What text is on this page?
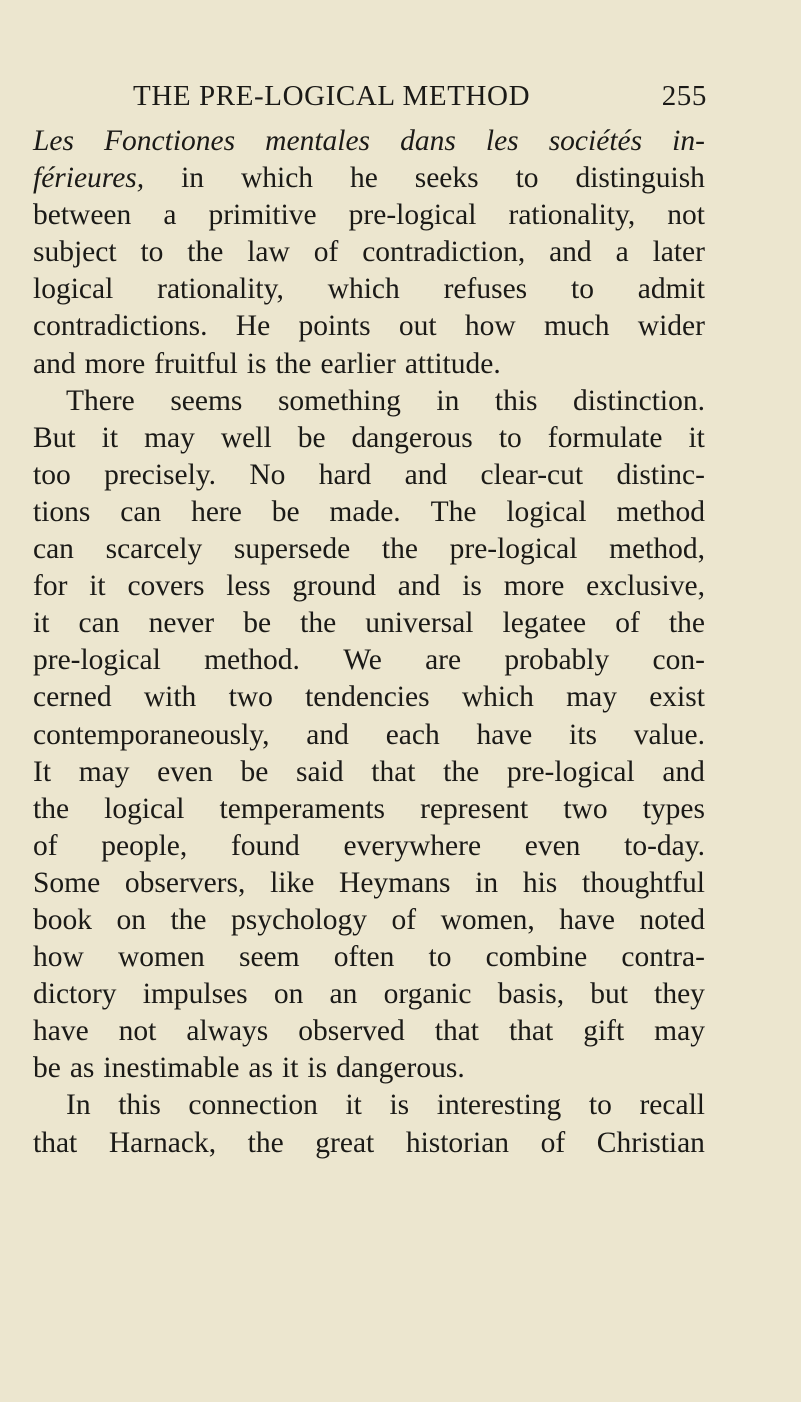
THE PRE-LOGICAL METHOD	255
Les Fonctiones mentales dans les sociétés in-
férieures, in which he seeks to distinguish
between a primitive pre-logical rationality, not
subject to the law of contradiction, and a later
logical rationality, which refuses to admit
contradictions. He points out how much wider
and more fruitful is the earlier attitude.
There seems something in this distinction.
But it may well be dangerous to formulate it
too precisely. No hard and clear-cut distinc-
tions can here be made. The logical method
can scarcely supersede the pre-logical method,
for it covers less ground and is more exclusive,
it can never be the universal legatee of the
pre-logical method. We are probably con-
cerned with two tendencies which may exist
contemporaneously, and each have its value.
It may even be said that the pre-logical and
the logical temperaments represent two types
of people, found everywhere even to-day.
Some observers, like Heymans in his thoughtful
book on the psychology of women, have noted
how women seem often to combine contra-
dictory impulses on an organic basis, but they
have not always observed that that gift may
be as inestimable as it is dangerous.
In this connection it is interesting to recall
that Harnack, the great historian of Christian
